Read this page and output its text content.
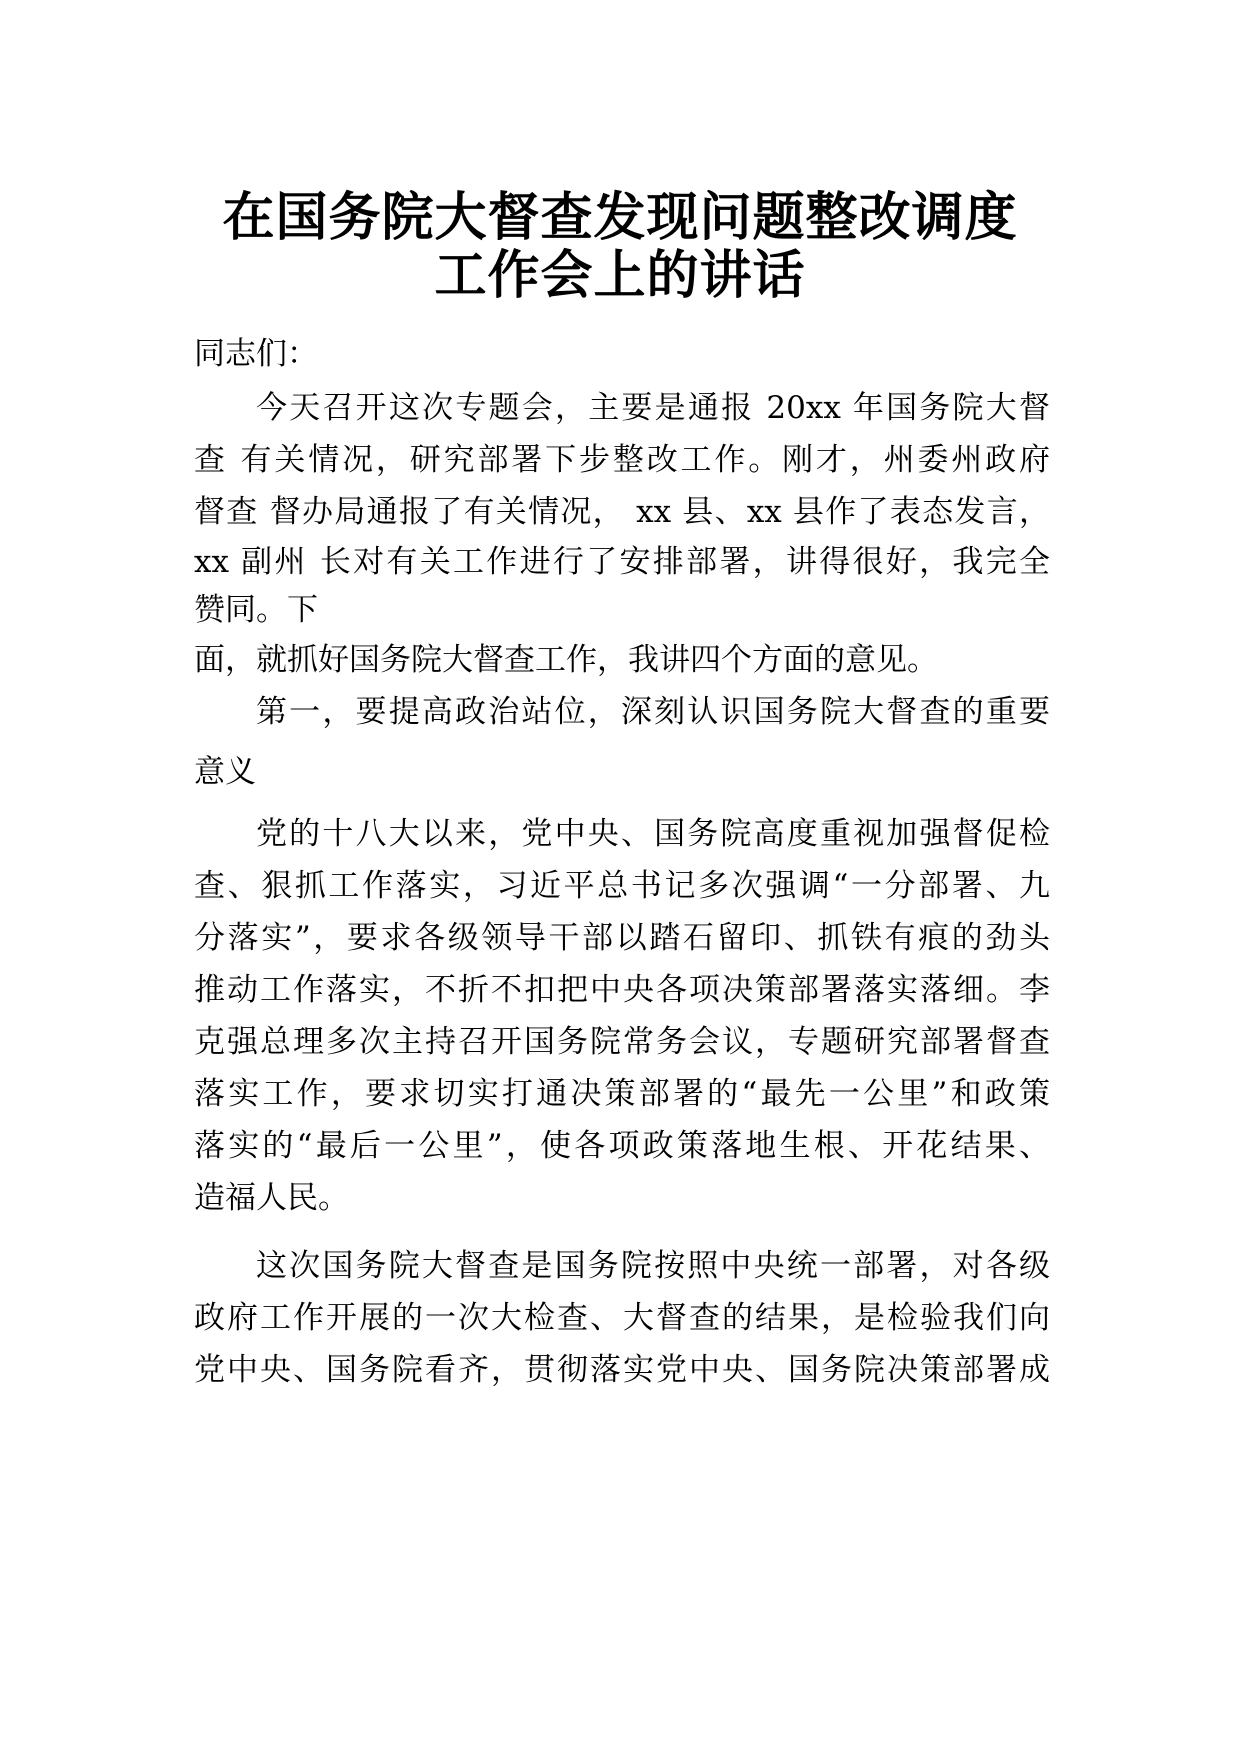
在国务院大督查发现问题整改调度
工作会上的讲话
同志们：
今天召开这次专题会，主要是通报 20xx 年国务院大督
查 有关情况，研究部署下步整改工作。刚才，州委州政府
督查 督办局通报了有关情况， xx 县、xx 县作了表态发言，
xx 副州 长对有关工作进行了安排部署，讲得很好，我完全
赞同。下
面，就抓好国务院大督查工作，我讲四个方面的意见。
第一，要提高政治站位，深刻认识国务院大督查的重要
意义
党的十八大以来，党中央、国务院高度重视加强督促检
查、狠抓工作落实，习近平总书记多次强调“一分部署、九
分落实”，要求各级领导干部以踏石留印、抓铁有痕的劲头
推动工作落实，不折不扣把中央各项决策部署落实落细。李
克强总理多次主持召开国务院常务会议，专题研究部署督查
落实工作，要求切实打通决策部署的“最先一公里”和政策
落实的“最后一公里”，使各项政策落地生根、开花结果、
造福人民。
这次国务院大督查是国务院按照中央统一部署，对各级
政府工作开展的一次大检查、大督查的结果，是检验我们向
党中央、国务院看齐，贯彻落实党中央、国务院决策部署成
